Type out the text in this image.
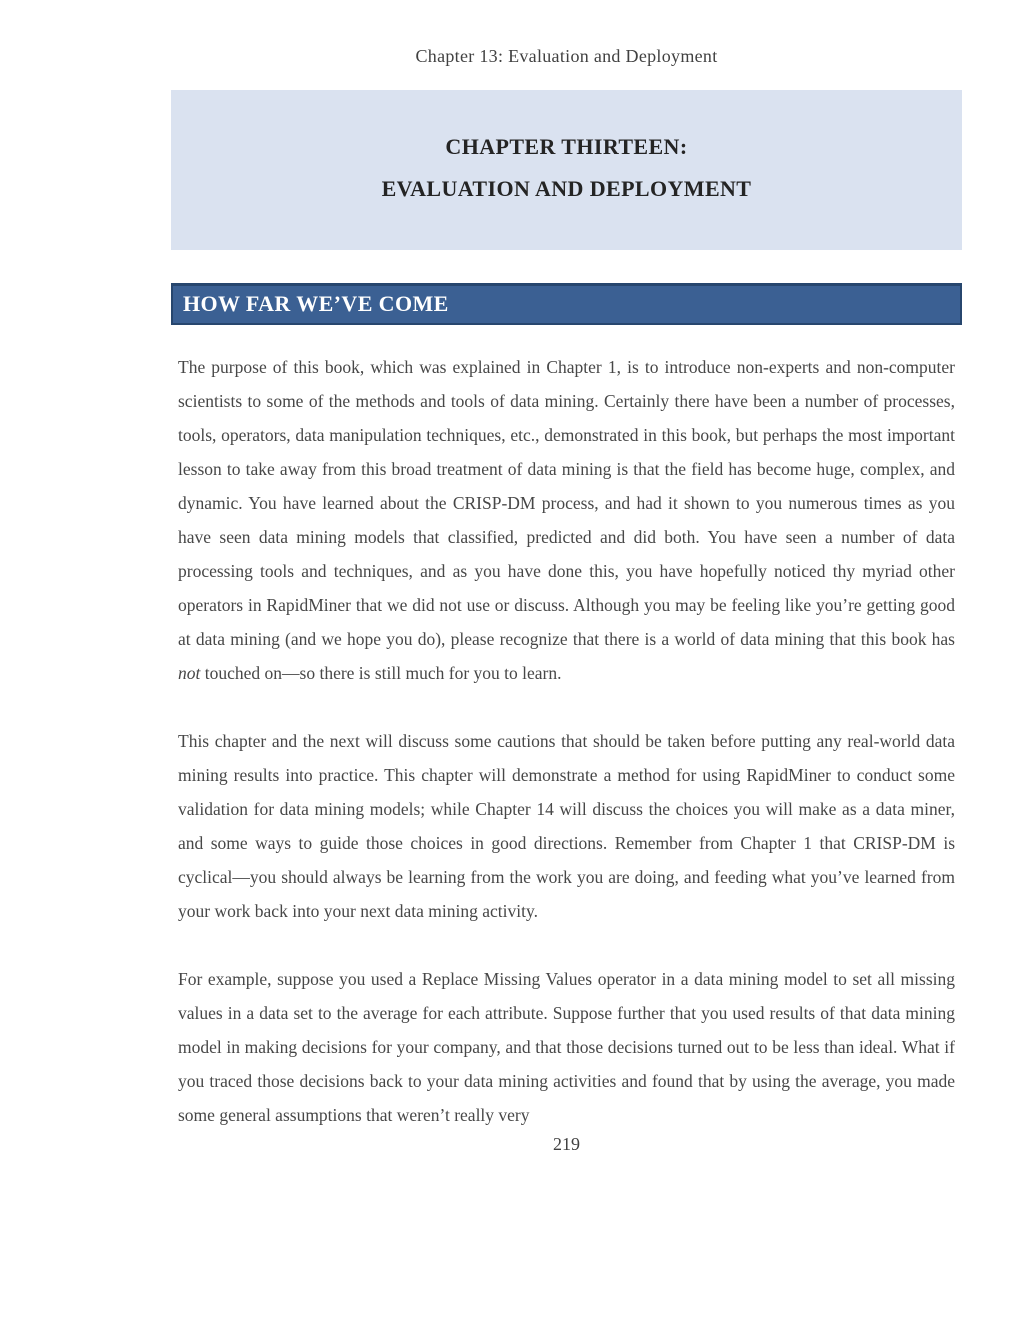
Chapter 13: Evaluation and Deployment
CHAPTER THIRTEEN:
EVALUATION AND DEPLOYMENT
HOW FAR WE’VE COME

The purpose of this book, which was explained in Chapter 1, is to introduce non-experts and non-computer scientists to some of the methods and tools of data mining. Certainly there have been a number of processes, tools, operators, data manipulation techniques, etc., demonstrated in this book, but perhaps the most important lesson to take away from this broad treatment of data mining is that the field has become huge, complex, and dynamic. You have learned about the CRISP-DM process, and had it shown to you numerous times as you have seen data mining models that classified, predicted and did both. You have seen a number of data processing tools and techniques, and as you have done this, you have hopefully noticed thy myriad other operators in RapidMiner that we did not use or discuss. Although you may be feeling like you’re getting good at data mining (and we hope you do), please recognize that there is a world of data mining that this book has not touched on—so there is still much for you to learn.

This chapter and the next will discuss some cautions that should be taken before putting any real-world data mining results into practice. This chapter will demonstrate a method for using RapidMiner to conduct some validation for data mining models; while Chapter 14 will discuss the choices you will make as a data miner, and some ways to guide those choices in good directions. Remember from Chapter 1 that CRISP-DM is cyclical—you should always be learning from the work you are doing, and feeding what you’ve learned from your work back into your next data mining activity.

For example, suppose you used a Replace Missing Values operator in a data mining model to set all missing values in a data set to the average for each attribute. Suppose further that you used results of that data mining model in making decisions for your company, and that those decisions turned out to be less than ideal. What if you traced those decisions back to your data mining activities and found that by using the average, you made some general assumptions that weren’t really very

219
